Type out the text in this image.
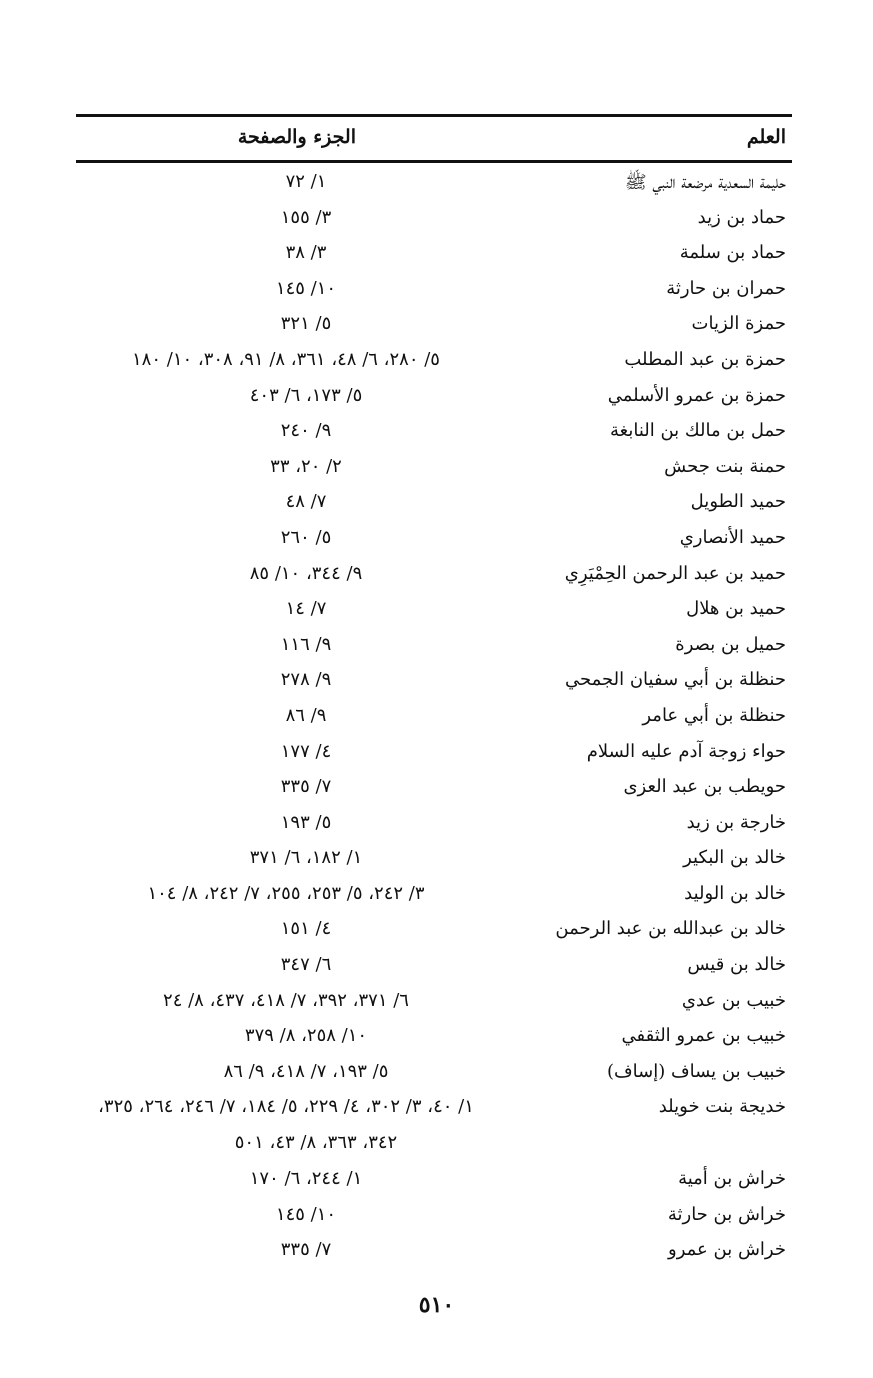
العلم
الجزء والصفحة
حليمة السعدية مرضعة النبي ﷺ
١/ ٧٢
حماد بن زيد
٣/ ١٥٥
حماد بن سلمة
٣/ ٣٨
حمران بن حارثة
١٠/ ١٤٥
حمزة الزيات
٥/ ٣٢١
حمزة بن عبد المطلب
٥/ ٢٨٠، ٦/ ٤٨، ٣٦١، ٨/ ٩١، ٣٠٨، ١٠/ ١٨٠
حمزة بن عمرو الأسلمي
٥/ ١٧٣، ٦/ ٤٠٣
حمل بن مالك بن النابغة
٩/ ٢٤٠
حمنة بنت جحش
٢/ ٢٠، ٣٣
حميد الطويل
٧/ ٤٨
حميد الأنصاري
٥/ ٢٦٠
حميد بن عبد الرحمن الحِمْيَرِي
٩/ ٣٤٤، ١٠/ ٨٥
حميد بن هلال
٧/ ١٤
حميل بن بصرة
٩/ ١١٦
حنظلة بن أبي سفيان الجمحي
٩/ ٢٧٨
حنظلة بن أبي عامر
٩/ ٨٦
حواء زوجة آدم عليه السلام
٤/ ١٧٧
حويطب بن عبد العزى
٧/ ٣٣٥
خارجة بن زيد
٥/ ١٩٣
خالد بن البكير
١/ ١٨٢، ٦/ ٣٧١
خالد بن الوليد
٣/ ٢٤٢، ٥/ ٢٥٣، ٢٥٥، ٧/ ٢٤٢، ٨/ ١٠٤
خالد بن عبدالله بن عبد الرحمن
٤/ ١٥١
خالد بن قيس
٦/ ٣٤٧
خبيب بن عدي
٦/ ٣٧١، ٣٩٢، ٧/ ٤١٨، ٤٣٧، ٨/ ٢٤
خبيب بن عمرو الثقفي
١٠/ ٢٥٨، ٨/ ٣٧٩
خبيب بن يساف (إساف)
٥/ ١٩٣، ٧/ ٤١٨، ٩/ ٨٦
خديجة بنت خويلد
١/ ٤٠، ٣/ ٣٠٢، ٤/ ٢٢٩، ٥/ ١٨٤، ٧/ ٢٤٦، ٢٦٤، ٣٢٥،
٣٤٢، ٣٦٣، ٨/ ٤٣، ٥٠١
خراش بن أمية
١/ ٢٤٤، ٦/ ١٧٠
خراش بن حارثة
١٠/ ١٤٥
خراش بن عمرو
٧/ ٣٣٥
٥١٠
